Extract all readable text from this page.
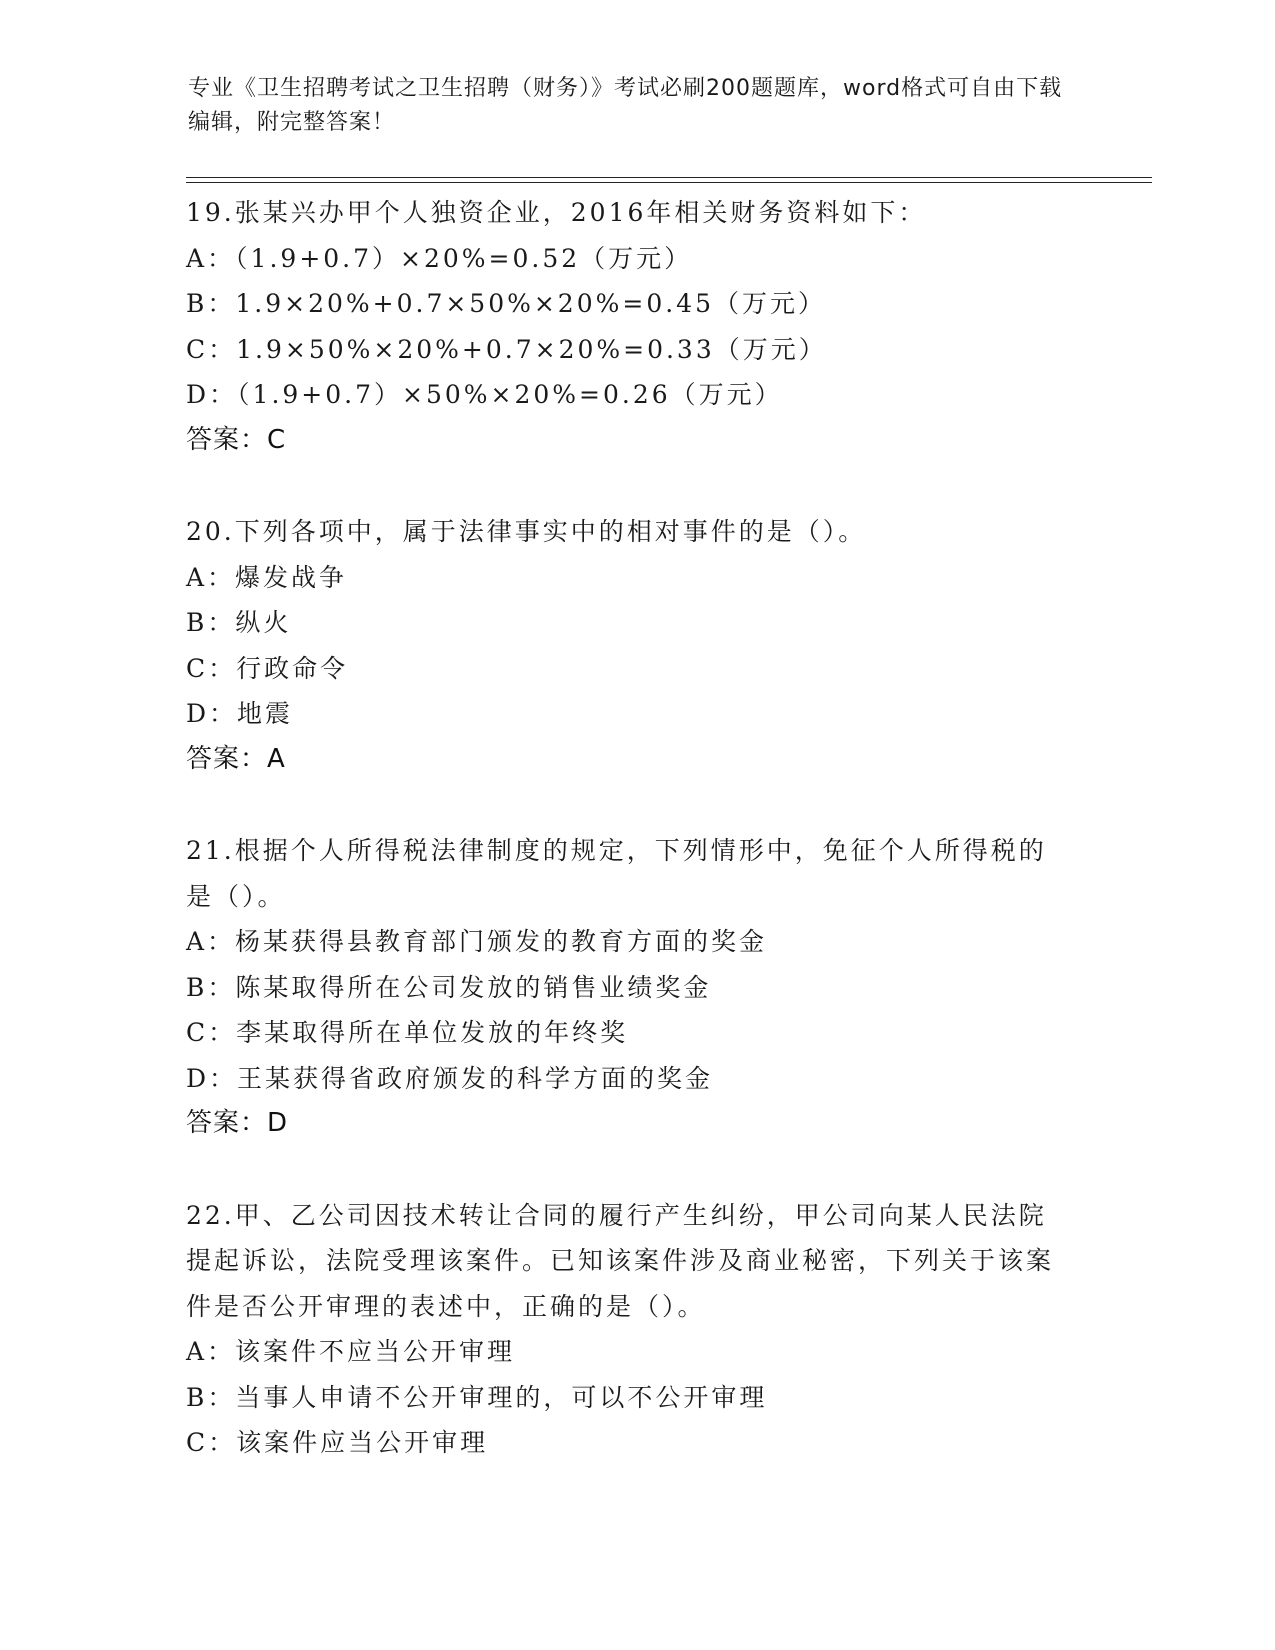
专业《卫生招聘考试之卫生招聘（财务）》考试必刷200题题库，word格式可自由下载编辑，附完整答案！
19.张某兴办甲个人独资企业，2016年相关财务资料如下：
A：（1.9+0.7）×20%=0.52（万元）
B：1.9×20%+0.7×50%×20%=0.45（万元）
C：1.9×50%×20%+0.7×20%=0.33（万元）
D：（1.9+0.7）×50%×20%=0.26（万元）
答案：C
20.下列各项中，属于法律事实中的相对事件的是（）。
A：爆发战争
B：纵火
C：行政命令
D：地震
答案：A
21.根据个人所得税法律制度的规定，下列情形中，免征个人所得税的是（）。
A：杨某获得县教育部门颁发的教育方面的奖金
B：陈某取得所在公司发放的销售业绩奖金
C：李某取得所在单位发放的年终奖
D：王某获得省政府颁发的科学方面的奖金
答案：D
22.甲、乙公司因技术转让合同的履行产生纠纷，甲公司向某人民法院提起诉讼，法院受理该案件。已知该案件涉及商业秘密，下列关于该案件是否公开审理的表述中，正确的是（）。
A：该案件不应当公开审理
B：当事人申请不公开审理的，可以不公开审理
C：该案件应当公开审理
